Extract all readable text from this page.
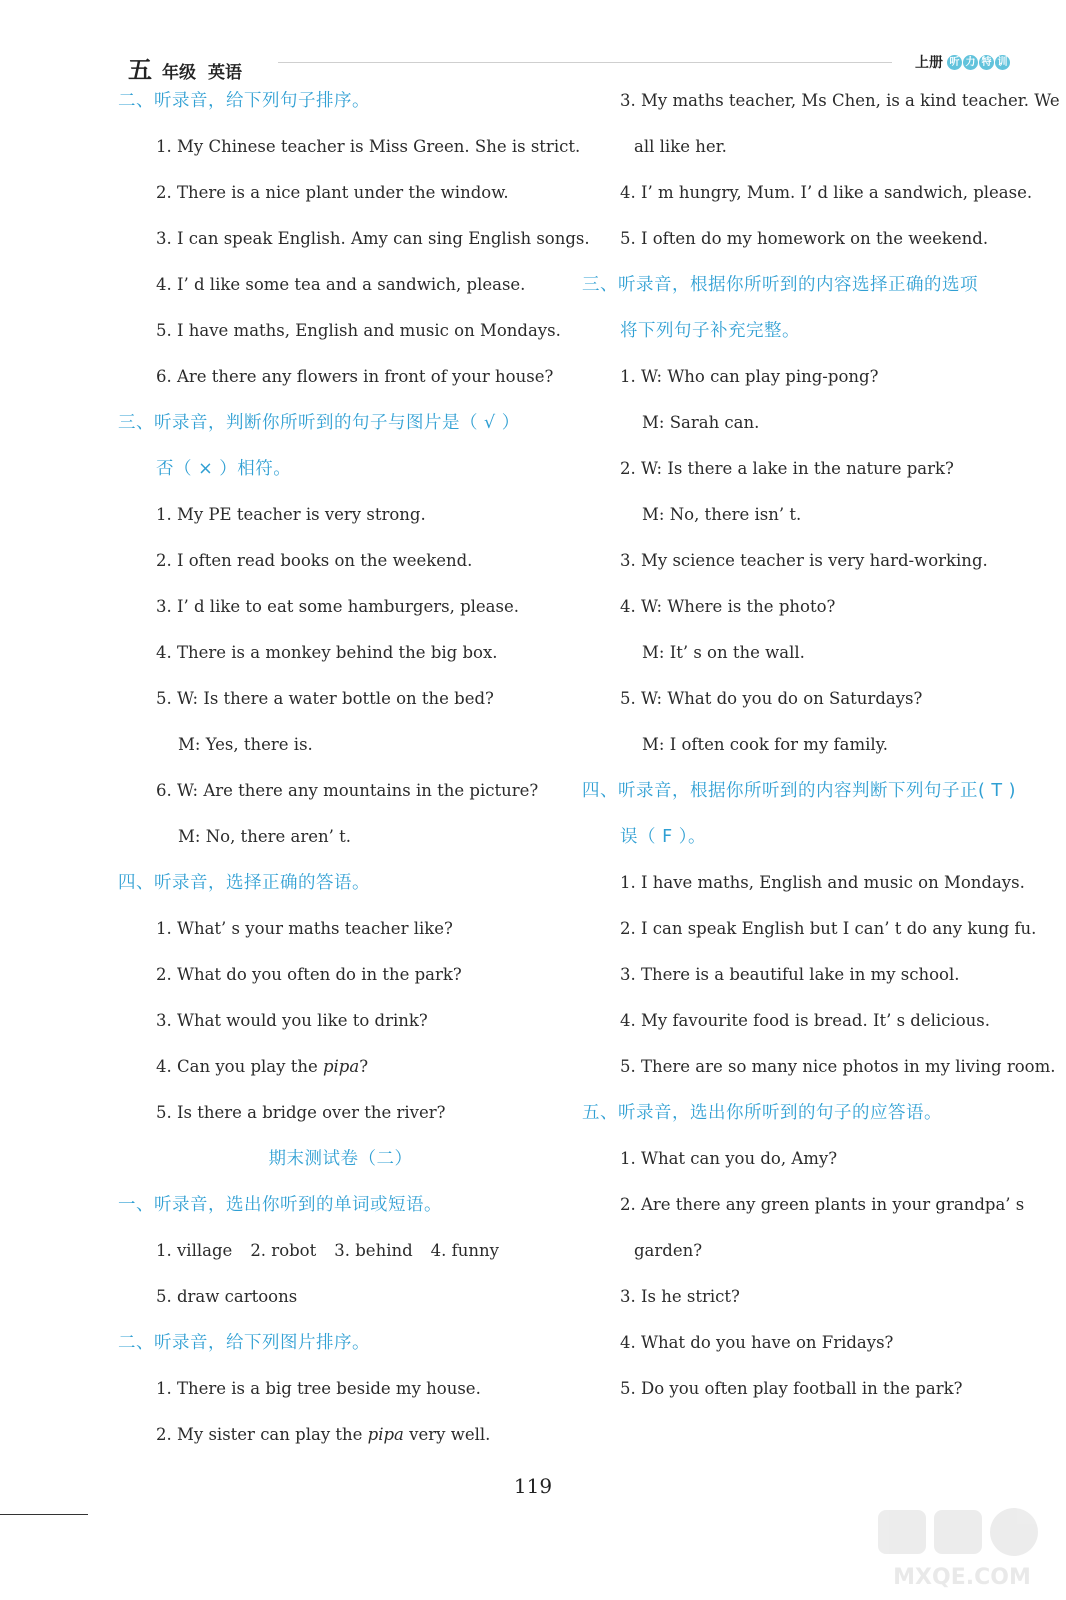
五 年级 英语	上册 听 力 特 训
二、听录音，给下列句子排序。
1. My Chinese teacher is Miss Green. She is strict.
2. There is a nice plant under the window.
3. I can speak English. Amy can sing English songs.
4. I’ d like some tea and a sandwich, please.
5. I have maths, English and music on Mondays.
6. Are there any flowers in front of your house?
三、听录音，判断你所听到的句子与图片是（ √ ）
否（ × ）相符。
1. My PE teacher is very strong.
2. I often read books on the weekend.
3. I’ d like to eat some hamburgers, please.
4. There is a monkey behind the big box.
5. W: Is there a water bottle on the bed?
M: Yes, there is.
6. W: Are there any mountains in the picture?
M: No, there aren’ t.
四、听录音，选择正确的答语。
1. What’ s your maths teacher like?
2. What do you often do in the park?
3. What would you like to drink?
4. Can you play the pipa?
5. Is there a bridge over the river?
期末测试卷（二）
一、听录音，选出你听到的单词或短语。
1. village 2. robot 3. behind 4. funny
5. draw cartoons
二、听录音，给下列图片排序。
1. There is a big tree beside my house.
2. My sister can play the pipa very well.
3. My maths teacher, Ms Chen, is a kind teacher. We
all like her.
4. I’ m hungry, Mum. I’ d like a sandwich, please.
5. I often do my homework on the weekend.
三、听录音，根据你所听到的内容选择正确的选项
将下列句子补充完整。
1. W: Who can play ping-pong?
M: Sarah can.
2. W: Is there a lake in the nature park?
M: No, there isn’ t.
3. My science teacher is very hard-working.
4. W: Where is the photo?
M: It’ s on the wall.
5. W: What do you do on Saturdays?
M: I often cook for my family.
四、听录音，根据你所听到的内容判断下列句子正( T )
误（ F ）。
1. I have maths, English and music on Mondays.
2. I can speak English but I can’ t do any kung fu.
3. There is a beautiful lake in my school.
4. My favourite food is bread. It’ s delicious.
5. There are so many nice photos in my living room.
五、听录音，选出你所听到的句子的应答语。
1. What can you do, Amy?
2. Are there any green plants in your grandpa’ s
garden?
3. Is he strict?
4. What do you have on Fridays?
5. Do you often play football in the park?
119
MXQE.COM
